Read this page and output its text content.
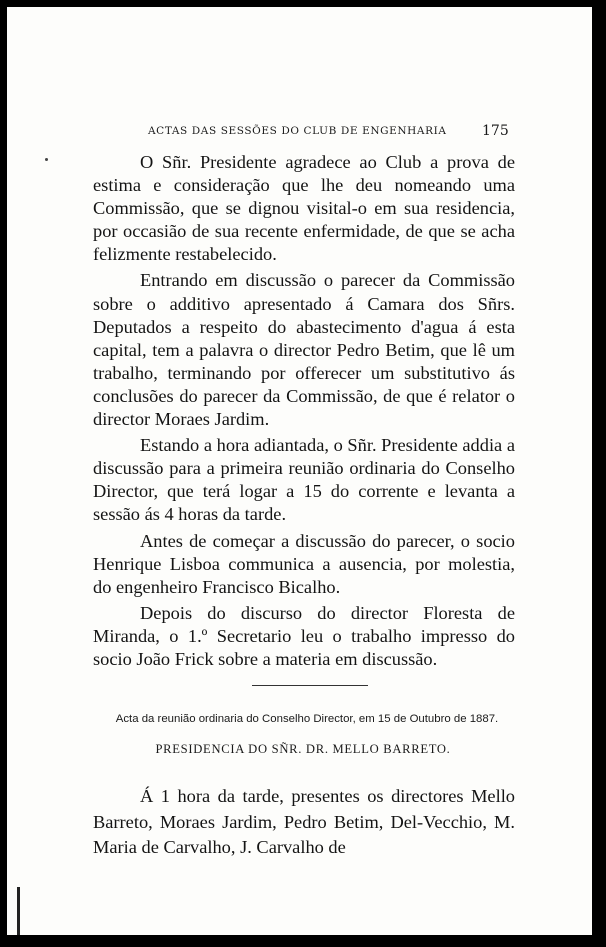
ACTAS DAS SESSÕES DO CLUB DE ENGENHARIA	175

O Sñr. Presidente agradece ao Club a prova de estima e consideração que lhe deu nomeando uma Commissão, que se dignou visital-o em sua residencia, por occasião de sua recente enfermidade, de que se acha felizmente restabelecido.

Entrando em discussão o parecer da Commissão sobre o additivo apresentado á Camara dos Sñrs. Deputados a respeito do abastecimento d'agua á esta capital, tem a palavra o director Pedro Betim, que lê um trabalho, terminando por offerecer um substitutivo ás conclusões do parecer da Commissão, de que é relator o director Moraes Jardim.

Estando a hora adiantada, o Sñr. Presidente addia a discussão para a primeira reunião ordinaria do Conselho Director, que terá logar a 15 do corrente e levanta a sessão ás 4 horas da tarde.

Antes de começar a discussão do parecer, o socio Henrique Lisboa communica a ausencia, por molestia, do engenheiro Francisco Bicalho.

Depois do discurso do director Floresta de Miranda, o 1.º Secretario leu o trabalho impresso do socio João Frick sobre a materia em discussão.

Acta da reunião ordinaria do Conselho Director, em 15 de Outubro de 1887.

Á 1 hora da tarde, presentes os directores Mello Barreto, Moraes Jardim, Pedro Betim, Del-Vecchio, M. Maria de Carvalho, J. Carvalho de

PRESIDENCIA DO SÑR. DR. MELLO BARRETO.
